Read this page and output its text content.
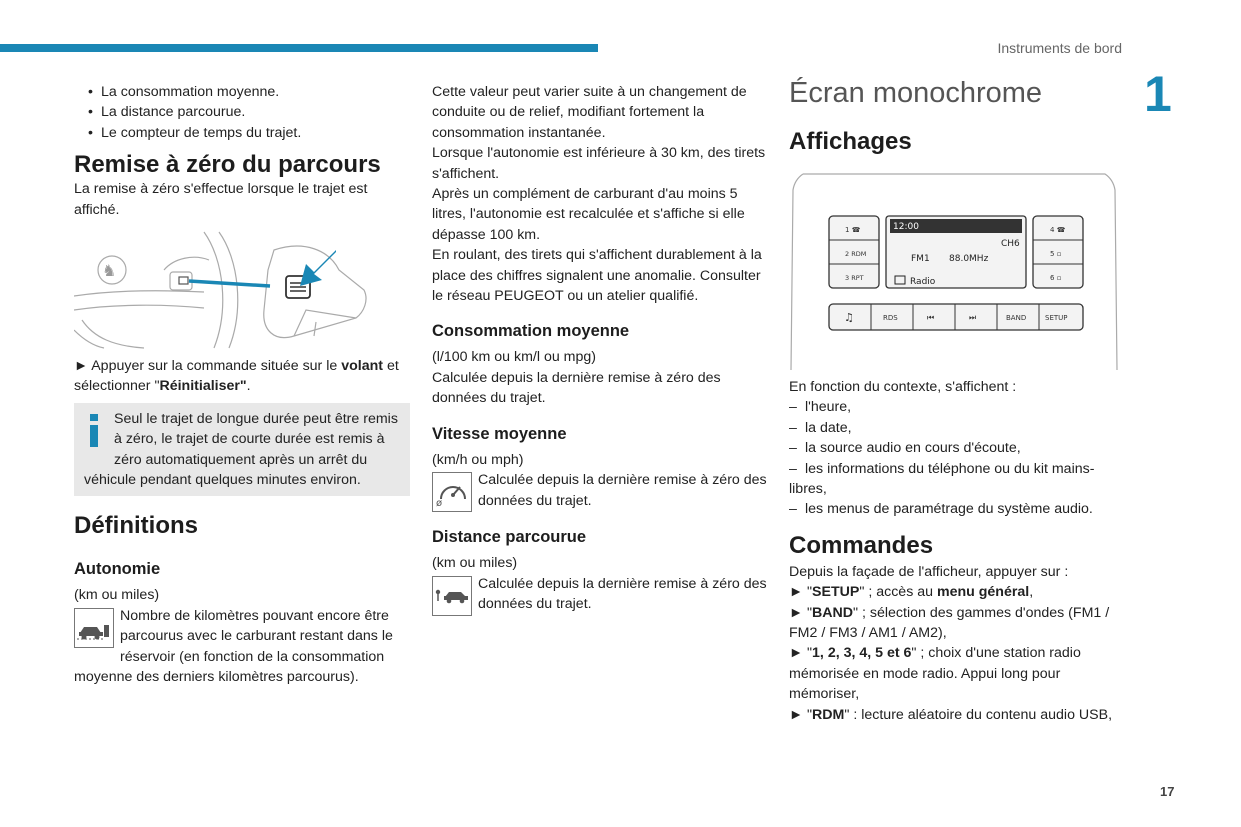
Instruments de bord
1
17
• La consommation moyenne.
• La distance parcourue.
• Le compteur de temps du trajet.
Remise à zéro du parcours

La remise à zéro s'effectue lorsque le trajet est affiché.

♞

► Appuyer sur la commande située sur le volant et sélectionner "Réinitialiser".

Seul le trajet de longue durée peut être remis à zéro, le trajet de courte durée est remis à zéro automatiquement après un arrêt du véhicule pendant quelques minutes environ.

Définitions
Autonomie

(km ou miles)

Nombre de kilomètres pouvant encore être parcourus avec le carburant restant dans le réservoir (en fonction de la consommation moyenne des derniers kilomètres parcourus).

Cette valeur peut varier suite à un changement de conduite ou de relief, modifiant fortement la consommation instantanée.

Lorsque l'autonomie est inférieure à 30 km, des tirets s'affichent.

Après un complément de carburant d'au moins 5 litres, l'autonomie est recalculée et s'affiche si elle dépasse 100 km.

En roulant, des tirets qui s'affichent durablement à la place des chiffres signalent une anomalie. Consulter le réseau PEUGEOT ou un atelier qualifié.

Consommation moyenne

(l/100 km ou km/l ou mpg)

Calculée depuis la dernière remise à zéro des données du trajet.

Vitesse moyenne

(km/h ou mph)

ø

Calculée depuis la dernière remise à zéro des données du trajet.

Distance parcourue

(km ou miles)

Calculée depuis la dernière remise à zéro des données du trajet.

Écran monochrome
Affichages
1 ☎
2 RDM
3 RPT
12:00
CH6
FM1 88.0MHz
Radio
4 ☎
5 ▫
6 ▫
♫	RDS	⏮	⏭	BAND	SETUP

En fonction du contexte, s'affichent :

– l'heure,
– la date,
– la source audio en cours d'écoute,
– les informations du téléphone ou du kit mains-libres,
– les menus de paramétrage du système audio.
Commandes

Depuis la façade de l'afficheur, appuyer sur :

► "SETUP" ; accès au menu général,

► "BAND" ; sélection des gammes d'ondes (FM1 / FM2 / FM3 / AM1 / AM2),

► "1, 2, 3, 4, 5 et 6" ; choix d'une station radio mémorisée en mode radio. Appui long pour mémoriser,

► "RDM" : lecture aléatoire du contenu audio USB,
